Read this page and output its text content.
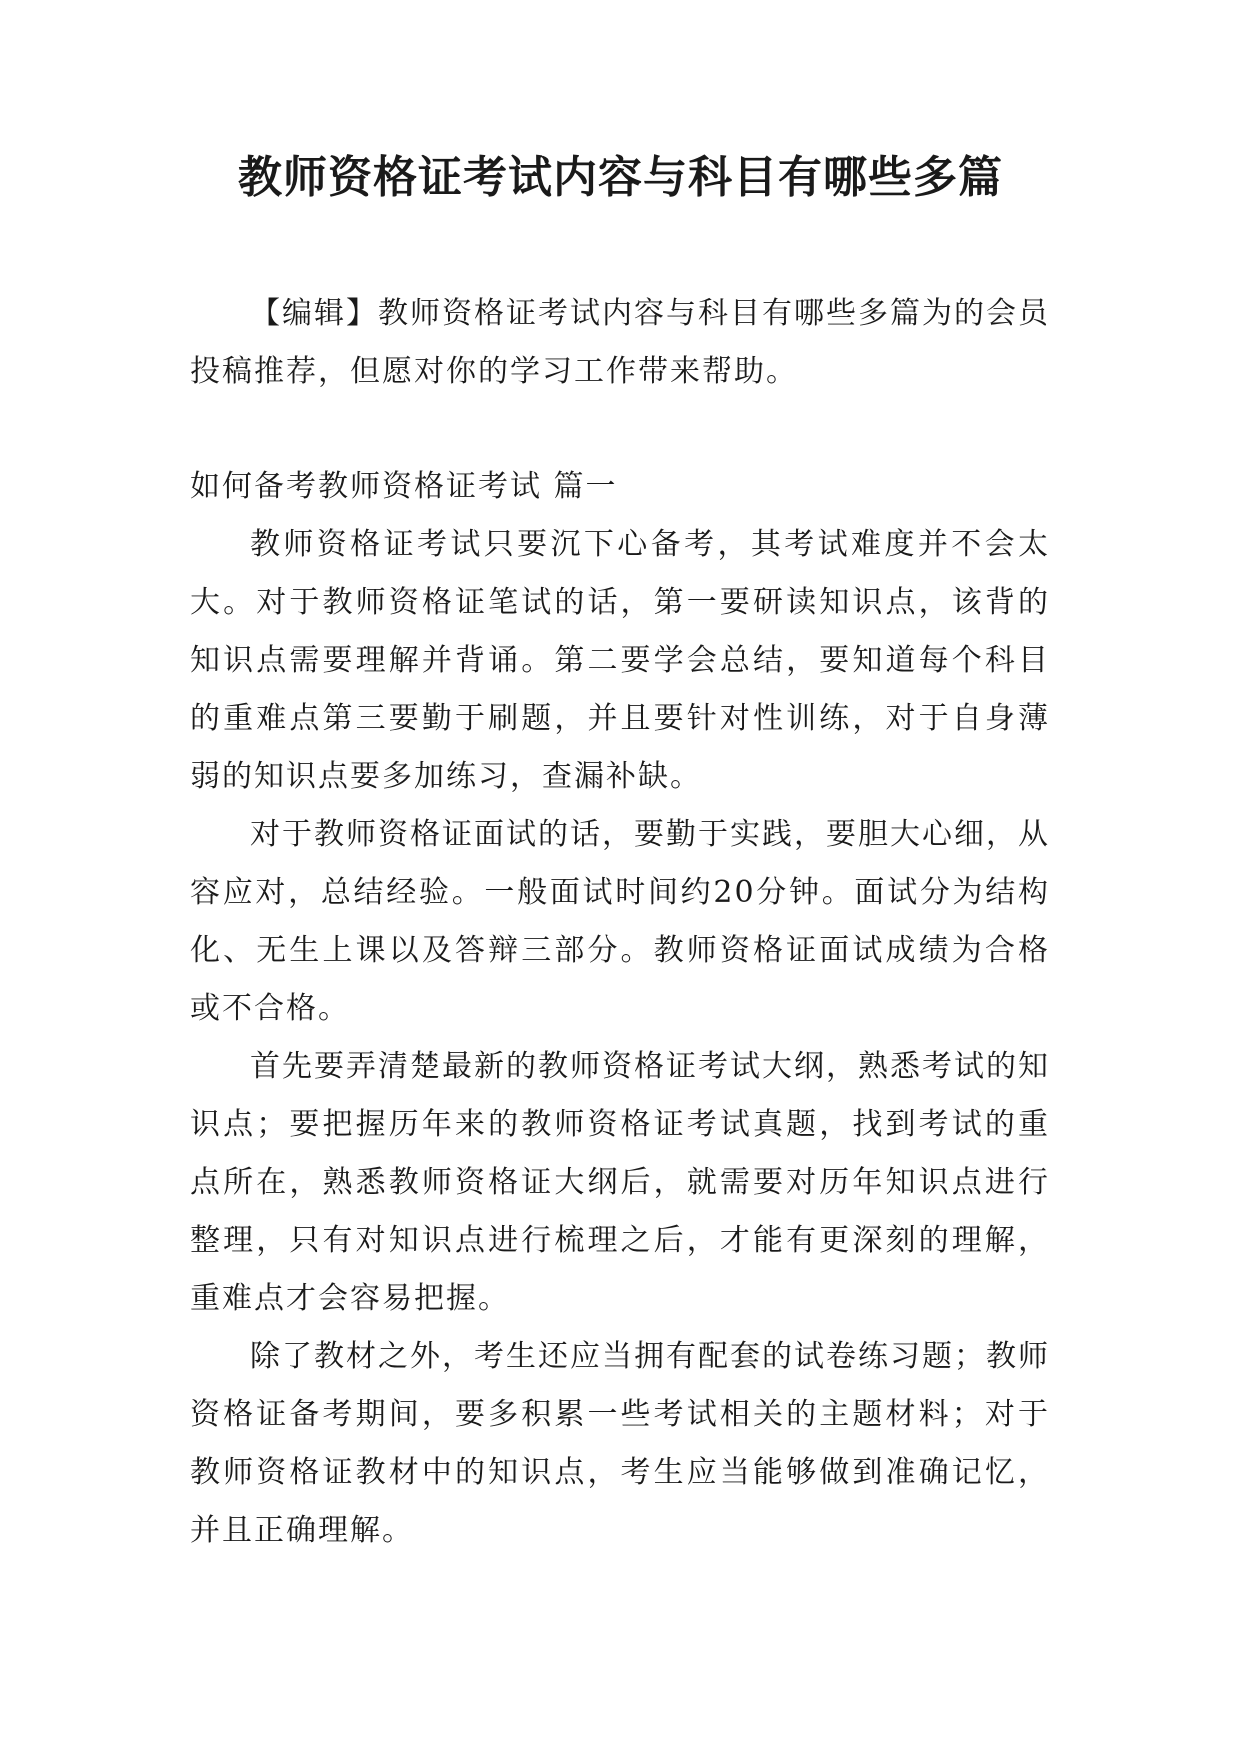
教师资格证考试内容与科目有哪些多篇

【编辑】教师资格证考试内容与科目有哪些多篇为的会员投稿推荐，但愿对你的学习工作带来帮助。

如何备考教师资格证考试 篇一

教师资格证考试只要沉下心备考，其考试难度并不会太大。对于教师资格证笔试的话，第一要研读知识点，该背的知识点需要理解并背诵。第二要学会总结，要知道每个科目的重难点第三要勤于刷题，并且要针对性训练，对于自身薄弱的知识点要多加练习，查漏补缺。

对于教师资格证面试的话，要勤于实践，要胆大心细，从容应对，总结经验。一般面试时间约20分钟。面试分为结构化、无生上课以及答辩三部分。教师资格证面试成绩为合格或不合格。

首先要弄清楚最新的教师资格证考试大纲，熟悉考试的知识点；要把握历年来的教师资格证考试真题，找到考试的重点所在，熟悉教师资格证大纲后，就需要对历年知识点进行整理，只有对知识点进行梳理之后，才能有更深刻的理解，重难点才会容易把握。

除了教材之外，考生还应当拥有配套的试卷练习题；教师资格证备考期间，要多积累一些考试相关的主题材料；对于教师资格证教材中的知识点，考生应当能够做到准确记忆，并且正确理解。
